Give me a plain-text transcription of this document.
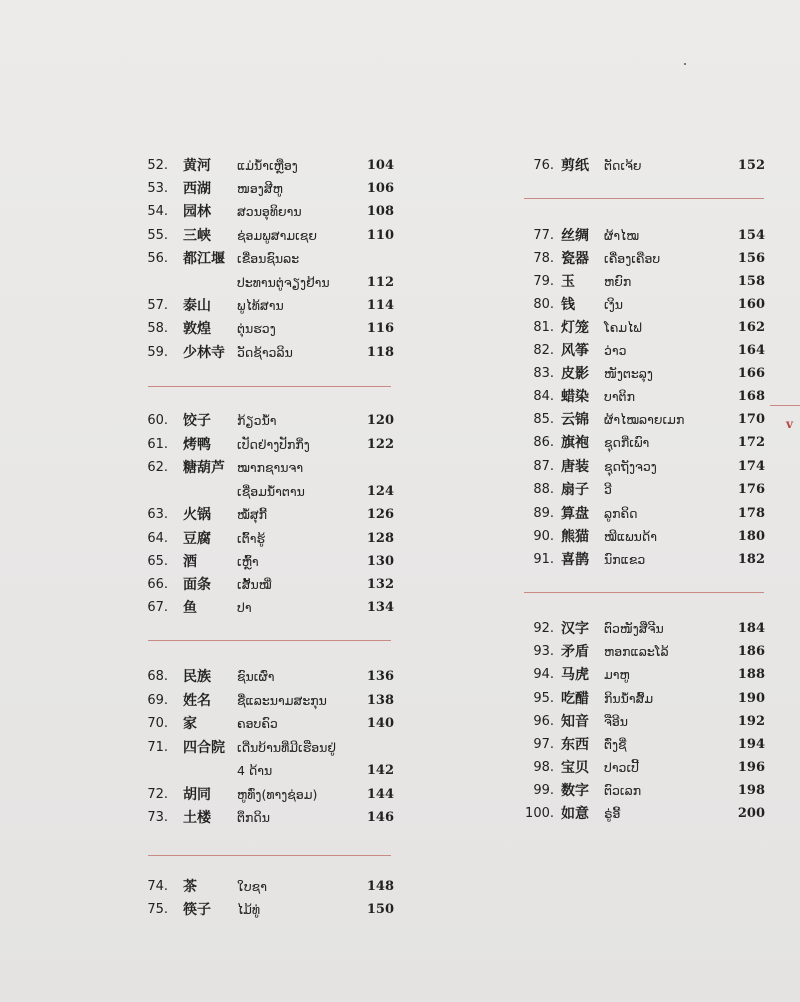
v
52. 黄河 ແມ່ນ້ຳເຫຼືອງ	104
53. 西湖 ໜອງສີຫູ	106
54. 园林 ສວນອຸທິຍານ	108
55. 三峡 ຊ່ອມພູສາມເຊຍ	110
56. 都江堰 ເຂື່ອນຊົນລະ
ປະທານຕູ່ຈຽງຢ້ານ	112
57. 泰山 ພູໄທ້ສານ	114
58. 敦煌 ຕຸ່ນຮວງ	116
59. 少林寺 ວັດຊ້າວລິນ	118
60. 饺子 ກ້ຽວນ້ຳ	120
61. 烤鸭 ເປັດຢ່າງປັກກິ່ງ	122
62. 糖葫芦 ໝາກຊານຈາ
ເຊື່ອມນ້ຳຕານ	124
63. 火锅 ໝໍ້ສຸກີ້	126
64. 豆腐 ເຕົ້າຮູ້	128
65. 酒	ເຫຼົ້າ	130
66. 面条 ເສັ້ນໝີ່	132
67. 鱼	ປາ	134
68. 民族 ຊົນເຜົ່າ	136
69. 姓名 ຊື່ແລະນາມສະກຸນ	138
70. 家	ຄອບຄົວ	140
71. 四合院 ເດີ່ນບ້ານທີ່ມີເຮືອນຢູ່
4 ດ້ານ	142
72. 胡同 ຫູທົ່ງ(ທາງຊ່ອມ)	144
73. 土楼 ຕຶກດິນ	146
74. 茶	ໃບຊາ	148
75. 筷子 ໄມ້ທູ່	150
76. 剪纸 ຕັດເຈ້ຍ	152
77. 丝绸 ຜ້າໄໝ	154
78. 瓷器 ເຄື່ອງເຄືອບ	156
79. 玉 ຫຍົກ	158
80. 钱 ເງິນ	160
81. 灯笼 ໂຄມໄຟ	162
82. 风筝 ວ່າວ	164
83. 皮影 ໜັງຕະລຸງ	166
84. 蜡染 ບາຕິກ	168
85. 云锦 ຜ້າໄໝລາຍເມກ	170
86. 旗袍 ຊຸດກີ່ເພົາ	172
87. 唐装 ຊຸດຖັງຈວງ	174
88. 扇子 ວີ	176
89. 算盘 ລູກຄິດ	178
90. 熊猫 ໝີແພນດ້າ	180
91. 喜鹊 ນົກແຂວ	182
92. 汉字 ຕົວໜັງສືຈີນ	184
93. 矛盾 ຫອກແລະໂລ້	186
94. 马虎 ມາຫູ	188
95. 吃醋 ກິນນ້ຳສົ້ມ	190
96. 知音 ຈືອີນ	192
97. 东西 ຕົ່ງຊີ່	194
98. 宝贝 ປາວເປີ້	196
99. 数字 ຕົວເລກ	198
100. 如意 ຣູ່ອີ້	200
